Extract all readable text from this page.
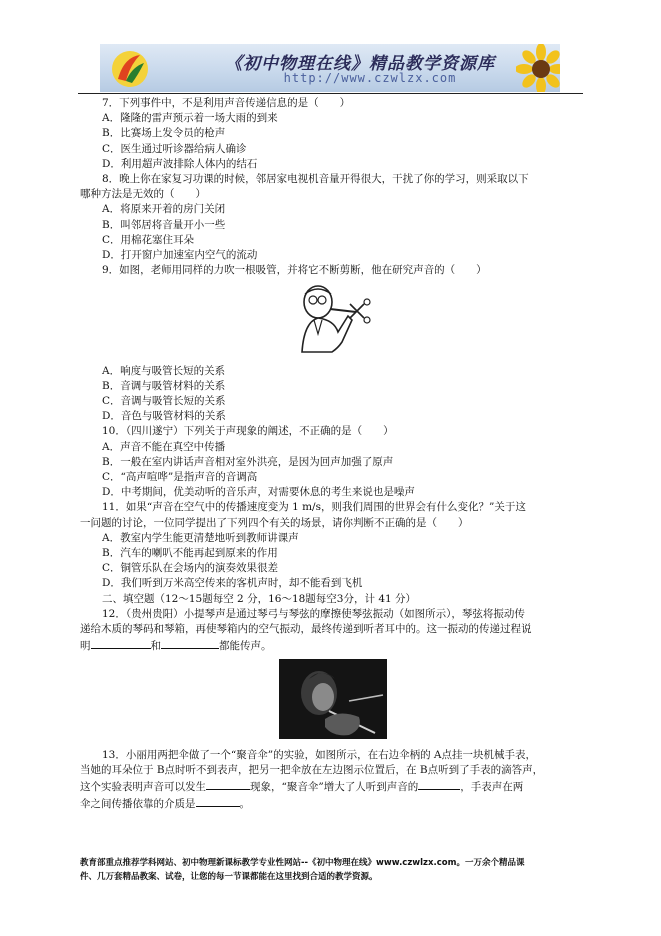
《初中物理在线》精品教学资源库
http://www.czwlzx.com
7．下列事件中，不是利用声音传递信息的是（　　）
A．隆隆的雷声预示着一场大雨的到来
B．比赛场上发令员的枪声
C．医生通过听诊器给病人确诊
D．利用超声波排除人体内的结石
8．晚上你在家复习功课的时候，邻居家电视机音量开得很大，干扰了你的学习，则采取以下
哪种方法是无效的（　　）
A．将原来开着的房门关闭
B．叫邻居将音量开小一些
C．用棉花塞住耳朵
D．打开窗户加速室内空气的流动
9．如图，老师用同样的力吹一根吸管，并将它不断剪断，他在研究声音的（　　）
A．响度与吸管长短的关系
B．音调与吸管材料的关系
C．音调与吸管长短的关系
D．音色与吸管材料的关系
10．（四川遂宁）下列关于声现象的阐述，不正确的是（　　）
A．声音不能在真空中传播
B．一般在室内讲话声音相对室外洪亮，是因为回声加强了原声
C．“高声喧哗”是指声音的音调高
D．中考期间，优美动听的音乐声，对需要休息的考生来说也是噪声
11．如果“声音在空气中的传播速度变为 1 m/s，则我们周围的世界会有什么变化？”关于这
一问题的讨论，一位同学提出了下列四个有关的场景，请你判断不正确的是（　　）
A．教室内学生能更清楚地听到教师讲课声
B．汽车的喇叭不能再起到原来的作用
C．铜管乐队在会场内的演奏效果很差
D．我们听到万米高空传来的客机声时，却不能看到飞机
二、填空题（12～15题每空 2 分，16～18题每空3分，计 41 分）
12．（贵州贵阳）小提琴声是通过琴弓与琴弦的摩擦使琴弦振动（如图所示），琴弦将振动传
递给木质的琴码和琴箱，再使琴箱内的空气振动，最终传递到听者耳中的。这一振动的传递过程说
明	和	都能传声。
13．小丽用两把伞做了一个“聚音伞”的实验，如图所示，在右边伞柄的 A点挂一块机械手表，
当她的耳朵位于 B点时听不到表声，把另一把伞放在左边图示位置后，在 B点听到了手表的滴答声，
这个实验表明声音可以发生	现象，“聚音伞”增大了人听到声音的	，手表声在两
伞之间传播依靠的介质是	。
教育部重点推荐学科网站、初中物理新课标教学专业性网站--《初中物理在线》www.czwlzx.com。一万余个精品课
件、几万套精品教案、试卷，让您的每一节课都能在这里找到合适的教学资源。
